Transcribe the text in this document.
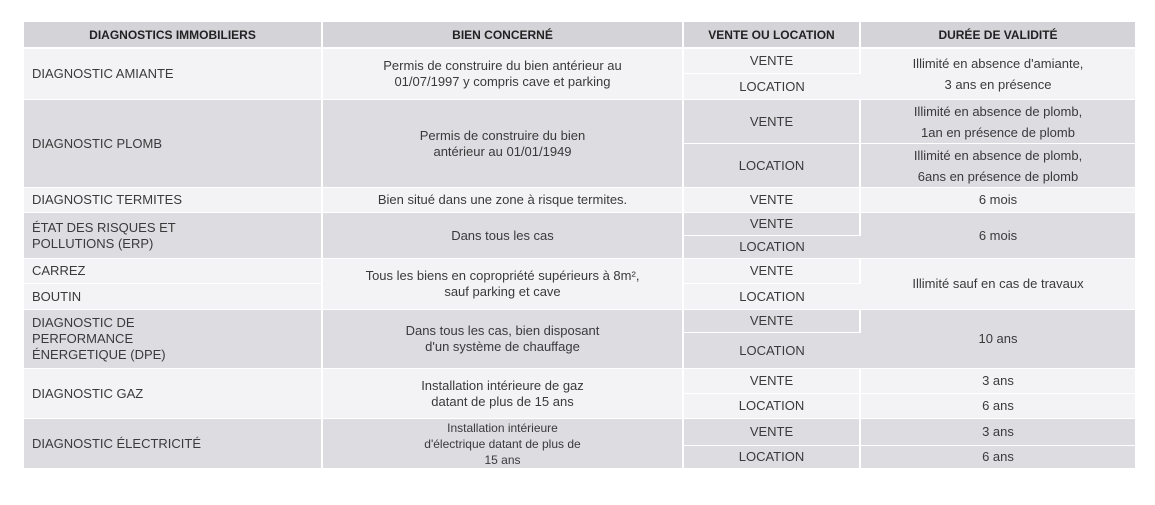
DIAGNOSTICS IMMOBILIERS	BIEN CONCERNÉ	VENTE OU LOCATION	DURÉE DE VALIDITÉ
DIAGNOSTIC AMIANTE	Permis de construire du bien antérieur au 01/07/1997 y compris cave et parking	VENTE	Illimité en absence d'amiante,
3 ans en présence

		LOCATION	
DIAGNOSTIC PLOMB	Permis de construire du bien antérieur au 01/01/1949	VENTE	Illimité en absence de plomb,
1an en présence de plomb

		LOCATION	Illimité en absence de plomb,
6ans en présence de plomb

DIAGNOSTIC TERMITES	Bien situé dans une zone à risque termites.	VENTE	6 mois
ÉTAT DES RISQUES ET POLLUTIONS (ERP)	Dans tous les cas	VENTE	6 mois
		LOCATION	
CARREZ	Tous les biens en copropriété supérieurs à 8m², sauf parking et cave	VENTE	Illimité sauf en cas de travaux
BOUTIN		LOCATION	
DIAGNOSTIC DE PERFORMANCE ÉNERGETIQUE (DPE)	Dans tous les cas, bien disposant d'un système de chauffage	VENTE	10 ans
		LOCATION	
DIAGNOSTIC GAZ	Installation intérieure de gaz datant de plus de 15 ans	VENTE	3 ans
		LOCATION	6 ans
DIAGNOSTIC ÉLECTRICITÉ	Installation intérieure d'électrique datant de plus de 15 ans	VENTE	3 ans
		LOCATION	6 ans
